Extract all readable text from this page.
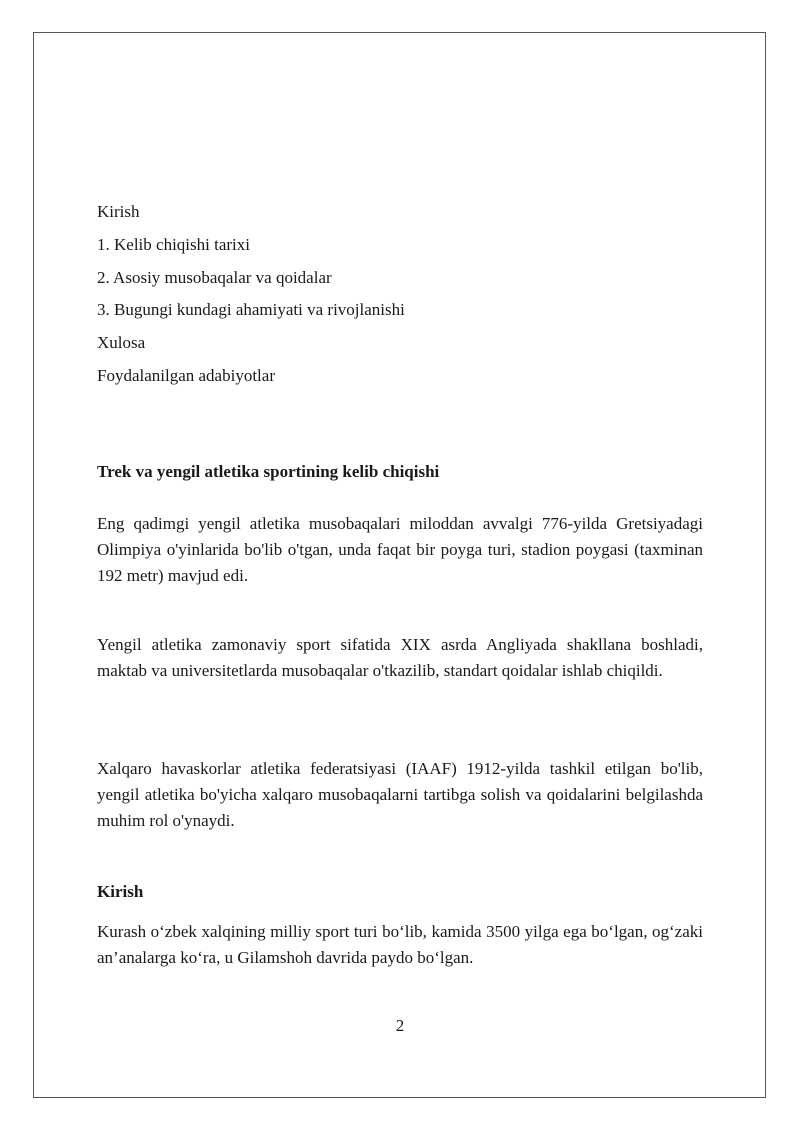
Kirish
1. Kelib chiqishi tarixi
2. Asosiy musobaqalar va qoidalar
3. Bugungi kundagi ahamiyati va rivojlanishi
Xulosa
Foydalanilgan adabiyotlar
Trek va yengil atletika sportining kelib chiqishi
Eng qadimgi yengil atletika musobaqalari miloddan avvalgi 776-yilda Gretsiyadagi Olimpiya o'yinlarida bo'lib o'tgan, unda faqat bir poyga turi, stadion poygasi (taxminan 192 metr) mavjud edi.
Yengil atletika zamonaviy sport sifatida XIX asrda Angliyada shakllana boshladi, maktab va universitetlarda musobaqalar o'tkazilib, standart qoidalar ishlab chiqildi.
Xalqaro havaskorlar atletika federatsiyasi (IAAF) 1912-yilda tashkil etilgan bo'lib, yengil atletika bo'yicha xalqaro musobaqalarni tartibga solish va qoidalarini belgilashda muhim rol o'ynaydi.
Kirish
Kurash o‘zbek xalqining milliy sport turi bo‘lib, kamida 3500 yilga ega bo‘lgan, og‘zaki an’analarga ko‘ra, u Gilamshoh davrida paydo bo‘lgan.
2
